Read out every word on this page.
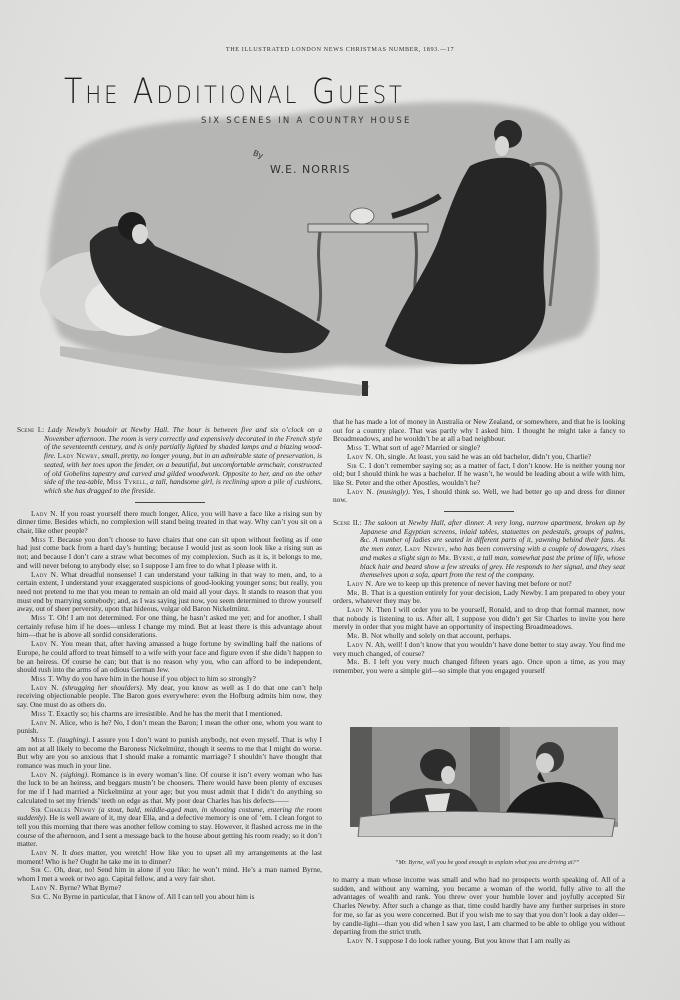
THE ILLUSTRATED LONDON NEWS CHRISTMAS NUMBER, 1893.—17
The Additional Guest
SIX SCENES IN A COUNTRY HOUSE
By
W.E. NORRIS

Scene I.: Lady Newby’s boudoir at Newby Hall. The hour is between five and six o’clock on a November afternoon. The room is very correctly and expensively decorated in the French style of the seventeenth century, and is only partially lighted by shaded lamps and a blazing wood-fire. Lady Newby, small, pretty, no longer young, but in an admirable state of preservation, is seated, with her toes upon the fender, on a beautiful, but uncomfortable armchair, constructed of old Gobelins tapestry and carved and gilded woodwork. Opposite to her, and on the other side of the tea-table, Miss Tyrell, a tall, handsome girl, is reclining upon a pile of cushions, which she has dragged to the fireside.

Lady N. If you roast yourself there much longer, Alice, you will have a face like a rising sun by dinner time. Besides which, no complexion will stand being treated in that way. Why can’t you sit on a chair, like other people?

Miss T. Because you don’t choose to have chairs that one can sit upon without feeling as if one had just come back from a hard day’s hunting; because I would just as soon look like a rising sun as not; and because I don’t care a straw what becomes of my complexion. Such as it is, it belongs to me, and will never belong to anybody else; so I suppose I am free to do what I please with it.

Lady N. What dreadful nonsense! I can understand your talking in that way to men, and, to a certain extent, I understand your exaggerated suspicions of good-looking younger sons; but really, you need not pretend to me that you mean to remain an old maid all your days. It stands to reason that you must end by marrying somebody; and, as I was saying just now, you seem determined to throw yourself away, out of sheer perversity, upon that hideous, vulgar old Baron Nickelmünz.

Miss T. Oh! I am not determined. For one thing, he hasn’t asked me yet; and for another, I shall certainly refuse him if he does—unless I change my mind. But at least there is this advantage about him—that he is above all sordid considerations.

Lady N. You mean that, after having amassed a huge fortune by swindling half the nations of Europe, he could afford to treat himself to a wife with your face and figure even if she didn’t happen to be an heiress. Of course he can; but that is no reason why you, who can afford to be independent, should rush into the arms of an odious German Jew.

Miss T. Why do you have him in the house if you object to him so strongly?

Lady N. (shrugging her shoulders). My dear, you know as well as I do that one can’t help receiving objectionable people. The Baron goes everywhere: even the Hofburg admits him now, they say. One must do as others do.

Miss T. Exactly so; his charms are irresistible. And he has the merit that I mentioned.

Lady N. Alice, who is he? No, I don’t mean the Baron; I mean the other one, whom you want to punish.

Miss T. (laughing). I assure you I don’t want to punish anybody, not even myself. That is why I am not at all likely to become the Baroness Nickelmünz, though it seems to me that I might do worse. But why are you so anxious that I should make a romantic marriage? I shouldn’t have thought that romance was much in your line.

Lady N. (sighing). Romance is in every woman’s line. Of course it isn’t every woman who has the luck to be an heiress, and beggars mustn’t be choosers. There would have been plenty of excuses for me if I had married a Nickelmünz at your age; but you must admit that I didn’t do anything so calculated to set my friends’ teeth on edge as that. My poor dear Charles has his defects——

Sir Charles Newby (a stout, bald, middle-aged man, in shooting costume, entering the room suddenly). He is well aware of it, my dear Ella, and a defective memory is one of ’em. I clean forgot to tell you this morning that there was another fellow coming to stay. However, it flashed across me in the course of the afternoon, and I sent a message back to the house about getting his room ready; so it don’t matter.

Lady N. It does matter, you wretch! How like you to upset all my arrangements at the last moment! Who is he? Ought he take me in to dinner?

Sir C. Oh, dear, no! Send him in alone if you like: he won’t mind. He’s a man named Byrne, whom I met a week or two ago. Capital fellow, and a very fair shot.

Lady N. Byrne? What Byrne?

Sir C. No Byrne in particular, that I know of. All I can tell you about him is

that he has made a lot of money in Australia or New Zealand, or somewhere, and that he is looking out for a country place. That was partly why I asked him. I thought he might take a fancy to Broadmeadows, and he wouldn’t be at all a bad neighbour.

Miss T. What sort of age? Married or single?

Lady N. Oh, single. At least, you said he was an old bachelor, didn’t you, Charlie?

Sir C. I don’t remember saying so; as a matter of fact, I don’t know. He is neither young nor old; but I should think he was a bachelor. If he wasn’t, he would be leading about a wife with him, like St. Peter and the other Apostles, wouldn’t he?

Lady N. (musingly). Yes, I should think so. Well, we had better go up and dress for dinner now.

Scene II.: The saloon at Newby Hall, after dinner. A very long, narrow apartment, broken up by Japanese and Egyptian screens, inlaid tables, statuettes on pedestals, groups of palms, &c. A number of ladies are seated in different parts of it, yawning behind their fans. As the men enter, Lady Newby, who has been conversing with a couple of dowagers, rises and makes a slight sign to Mr. Byrne, a tall man, somewhat past the prime of life, whose black hair and beard show a few streaks of grey. He responds to her signal, and they seat themselves upon a sofa, apart from the rest of the company.

Lady N. Are we to keep up this pretence of never having met before or not?

Mr. B. That is a question entirely for your decision, Lady Newby. I am prepared to obey your orders, whatever they may be.

Lady N. Then I will order you to be yourself, Ronald, and to drop that formal manner, now that nobody is listening to us. After all, I suppose you didn’t get Sir Charles to invite you here merely in order that you might have an opportunity of inspecting Broadmeadows.

Mr. B. Not wholly and solely on that account, perhaps.

Lady N. Ah, well! I don’t know that you wouldn’t have done better to stay away. You find me very much changed, of course?

Mr. B. I left you very much changed fifteen years ago. Once upon a time, as you may remember, you were a simple girl—so simple that you engaged yourself

“Mr. Byrne, will you be good enough to explain what you are driving at?”

to marry a man whose income was small and who had no prospects worth speaking of. All of a sudden, and without any warning, you became a woman of the world, fully alive to all the advantages of wealth and rank. You threw over your humble lover and joyfully accepted Sir Charles Newby. After such a change as that, time could hardly have any further surprises in store for me, so far as you were concerned. But if you wish me to say that you don’t look a day older—by candle-light—than you did when I saw you last, I am charmed to be able to oblige you without departing from the strict truth.

Lady N. I suppose I do look rather young. But you know that I am really as
